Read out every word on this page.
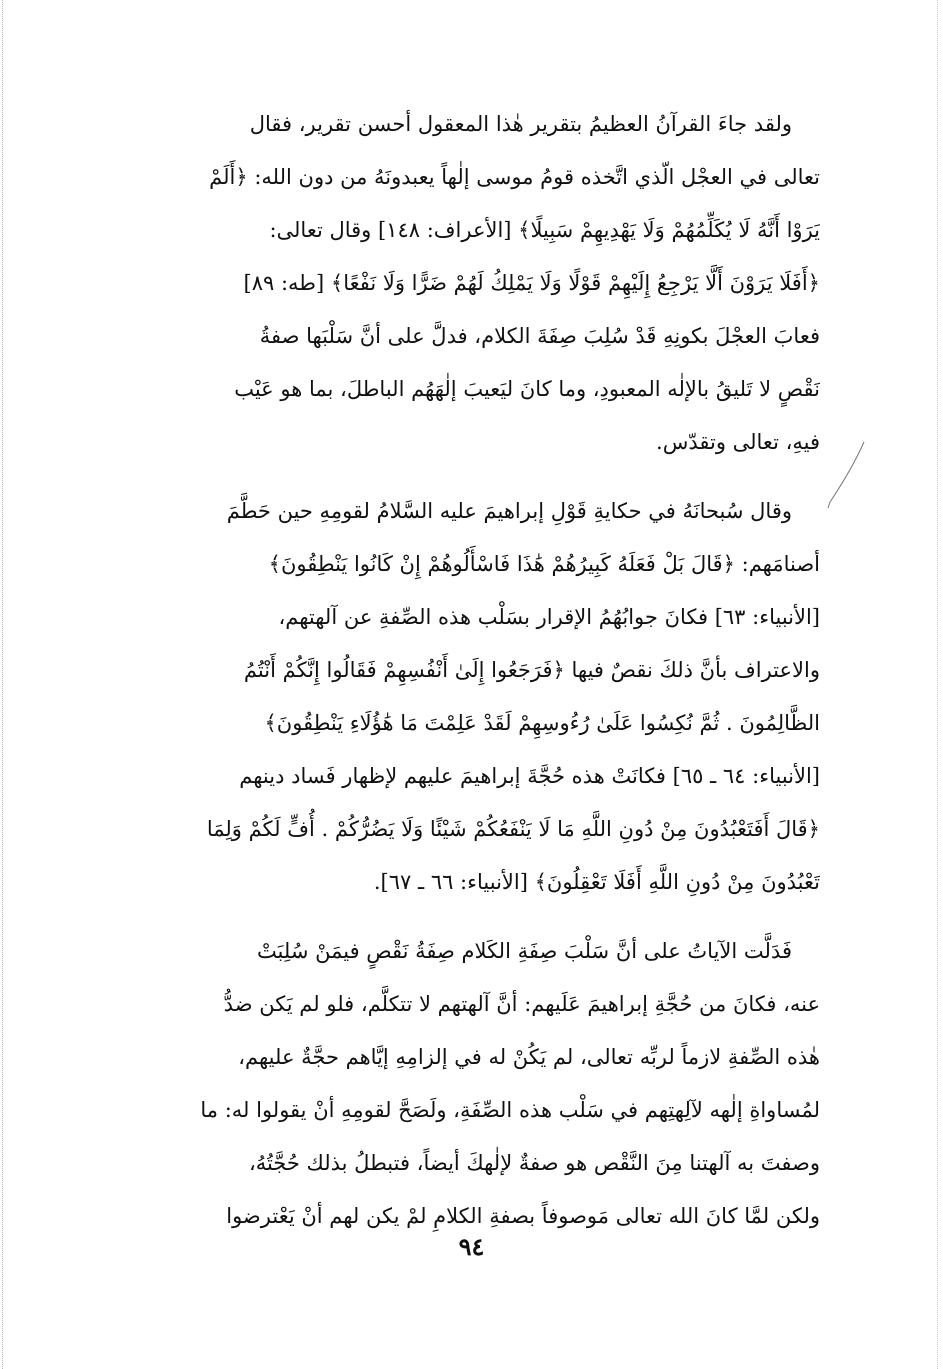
ولقد جاءَ القرآنُ العظيمُ بتقرير هٰذا المعقول أحسن تقرير، فقال
تعالى في العجْل الّذي اتَّخذه قومُ موسى إلٰهاً يعبدونَهُ من دون الله: ﴿أَلَمْ
يَرَوْا أَنَّهُ لَا يُكَلِّمُهُمْ وَلَا يَهْدِيهِمْ سَبِيلًا﴾ [الأعراف: ١٤٨] وقال تعالى:
﴿أَفَلَا يَرَوْنَ أَلَّا يَرْجِعُ إِلَيْهِمْ قَوْلًا وَلَا يَمْلِكُ لَهُمْ ضَرًّا وَلَا نَفْعًا﴾ [طه: ٨٩]
فعابَ العجْلَ بكونِهِ قَدْ سُلِبَ صِفَةَ الكلام، فدلَّ على أنَّ سَلْبَها صفةُ
نَقْصٍ لا تَليقُ بالإلٰه المعبودِ، وما كانَ ليَعيبَ إلٰهَهُم الباطلَ، بما هو عَيْب
فيهِ، تعالى وتقدّس.

وقال سُبحانَهُ في حكايةِ قَوْلِ إبراهيمَ عليه السَّلامُ لقومِهِ حين حَطَّمَ
أصنامَهم: ﴿قَالَ بَلْ فَعَلَهُ كَبِيرُهُمْ هَٰذَا فَاسْأَلُوهُمْ إِنْ كَانُوا يَنْطِقُونَ﴾
[الأنبياء: ٦٣] فكانَ جوابُهُمُ الإقرار بسَلْب هذه الصِّفةِ عن آلهتهم،
والاعتراف بأنَّ ذلكَ نقصٌ فيها ﴿فَرَجَعُوا إِلَىٰ أَنْفُسِهِمْ فَقَالُوا إِنَّكُمْ أَنْتُمُ
الظَّالِمُونَ . ثُمَّ نُكِسُوا عَلَىٰ رُءُوسِهِمْ لَقَدْ عَلِمْتَ مَا هَٰؤُلَاءِ يَنْطِقُونَ﴾
[الأنبياء: ٦٤ ـ ٦٥] فكانَتْ هذه حُجَّةَ إبراهيمَ عليهم لإظهار فَساد دينهم
﴿قَالَ أَفَتَعْبُدُونَ مِنْ دُونِ اللَّهِ مَا لَا يَنْفَعُكُمْ شَيْئًا وَلَا يَضُرُّكُمْ . أُفٍّ لَكُمْ وَلِمَا
تَعْبُدُونَ مِنْ دُونِ اللَّهِ أَفَلَا تَعْقِلُونَ﴾ [الأنبياء: ٦٦ ـ ٦٧].

فَدَلَّت الآياتُ على أنَّ سَلْبَ صِفَةِ الكَلام صِفَةُ نَقْصٍ فيمَنْ سُلِبَتْ
عنه، فكانَ من حُجَّةِ إبراهيمَ عَلَيهم: أنَّ آلهتهم لا تتكلَّم، فلو لم يَكن ضدُّ
هٰذه الصِّفةِ لازماً لربِّه تعالى، لم يَكُنْ له في إلزامِهِ إيَّاهم حجَّةٌ عليهم،
لمُساواةِ إلٰهه لآلِهتِهم في سَلْب هذه الصِّفَةِ، ولَصَحَّ لقومِهِ أنْ يقولوا له: ما
وصفتَ به آلهتنا مِنَ النَّقْص هو صفةٌ لإلٰهكَ أيضاً، فتبطلُ بذلك حُجَّتُهُ،
ولكن لمَّا كانَ الله تعالى مَوصوفاً بصفةِ الكلامِ لمْ يكن لهم أنْ يَعْترضوا

٩٤
